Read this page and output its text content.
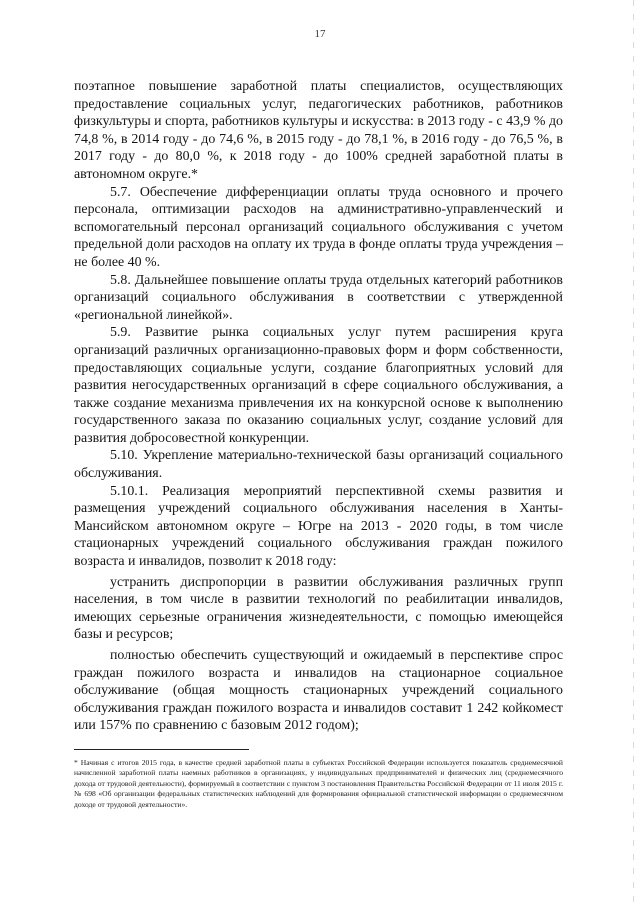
17

поэтапное повышение заработной платы специалистов, осуществляющих предоставление социальных услуг, педагогических работников, работников физкультуры и спорта, работников культуры и искусства: в 2013 году - с 43,9 % до 74,8 %, в 2014 году - до 74,6 %, в 2015 году - до 78,1 %, в 2016 году - до 76,5 %, в 2017 году - до 80,0 %, к 2018 году - до 100% средней заработной платы в автономном округе.*

5.7. Обеспечение дифференциации оплаты труда основного и прочего персонала, оптимизации расходов на административно-управленческий и вспомогательный персонал организаций социального обслуживания с учетом предельной доли расходов на оплату их труда в фонде оплаты труда учреждения – не более 40 %.

5.8. Дальнейшее повышение оплаты труда отдельных категорий работников организаций социального обслуживания в соответствии с утвержденной «региональной линейкой».

5.9. Развитие рынка социальных услуг путем расширения круга организаций различных организационно-правовых форм и форм собственности, предоставляющих социальные услуги, создание благоприятных условий для развития негосударственных организаций в сфере социального обслуживания, а также создание механизма привлечения их на конкурсной основе к выполнению государственного заказа по оказанию социальных услуг, создание условий для развития добросовестной конкуренции.

5.10. Укрепление материально-технической базы организаций социального обслуживания.

5.10.1. Реализация мероприятий перспективной схемы развития и размещения учреждений социального обслуживания населения в Ханты-Мансийском автономном округе – Югре на 2013 - 2020 годы, в том числе стационарных учреждений социального обслуживания граждан пожилого возраста и инвалидов, позволит к 2018 году:

устранить диспропорции в развитии обслуживания различных групп населения, в том числе в развитии технологий по реабилитации инвалидов, имеющих серьезные ограничения жизнедеятельности, с помощью имеющейся базы и ресурсов;

полностью обеспечить существующий и ожидаемый в перспективе спрос граждан пожилого возраста и инвалидов на стационарное социальное обслуживание (общая мощность стационарных учреждений социального обслуживания граждан пожилого возраста и инвалидов составит 1 242 койкомест или 157% по сравнению с базовым 2012 годом);

* Начиная с итогов 2015 года, в качестве средней заработной платы в субъектах Российской Федерации используется показатель среднемесячной начисленной заработной платы наемных работников в организациях, у индивидуальных предпринимателей и физических лиц (среднемесячного дохода от трудовой деятельности), формируемый в соответствии с пунктом 3 постановления Правительства Российской Федерации от 11 июля 2015 г. № 698 «Об организации федеральных статистических наблюдений для формирования официальной статистической информации о среднемесячном доходе от трудовой деятельности».
